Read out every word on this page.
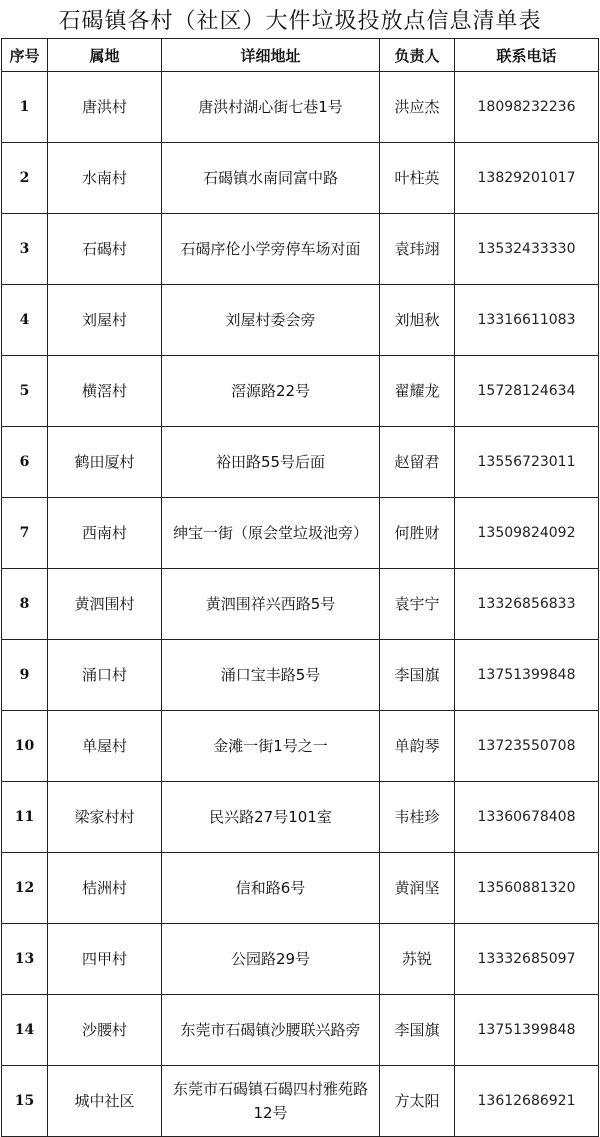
石碣镇各村（社区）大件垃圾投放点信息清单表
序号	属地	详细地址	负责人	联系电话
1	唐洪村	唐洪村湖心街七巷1号	洪应杰	18098232236
2	水南村	石碣镇水南同富中路	叶柱英	13829201017
3	石碣村	石碣序伦小学旁停车场对面	袁玮翊	13532433330
4	刘屋村	刘屋村委会旁	刘旭秋	13316611083
5	横滘村	滘源路22号	翟耀龙	15728124634
6	鹤田厦村	裕田路55号后面	赵留君	13556723011
7	西南村	绅宝一街（原会堂垃圾池旁）	何胜财	13509824092
8	黄泗围村	黄泗围祥兴西路5号	袁宇宁	13326856833
9	涌口村	涌口宝丰路5号	李国旗	13751399848
10	单屋村	金滩一街1号之一	单韵琴	13723550708
11	梁家村村	民兴路27号101室	韦桂珍	13360678408
12	桔洲村	信和路6号	黄润坚	13560881320
13	四甲村	公园路29号	苏锐	13332685097
14	沙腰村	东莞市石碣镇沙腰联兴路旁	李国旗	13751399848
15	城中社区	东莞市石碣镇石碣四村雅苑路12号	方太阳	13612686921
